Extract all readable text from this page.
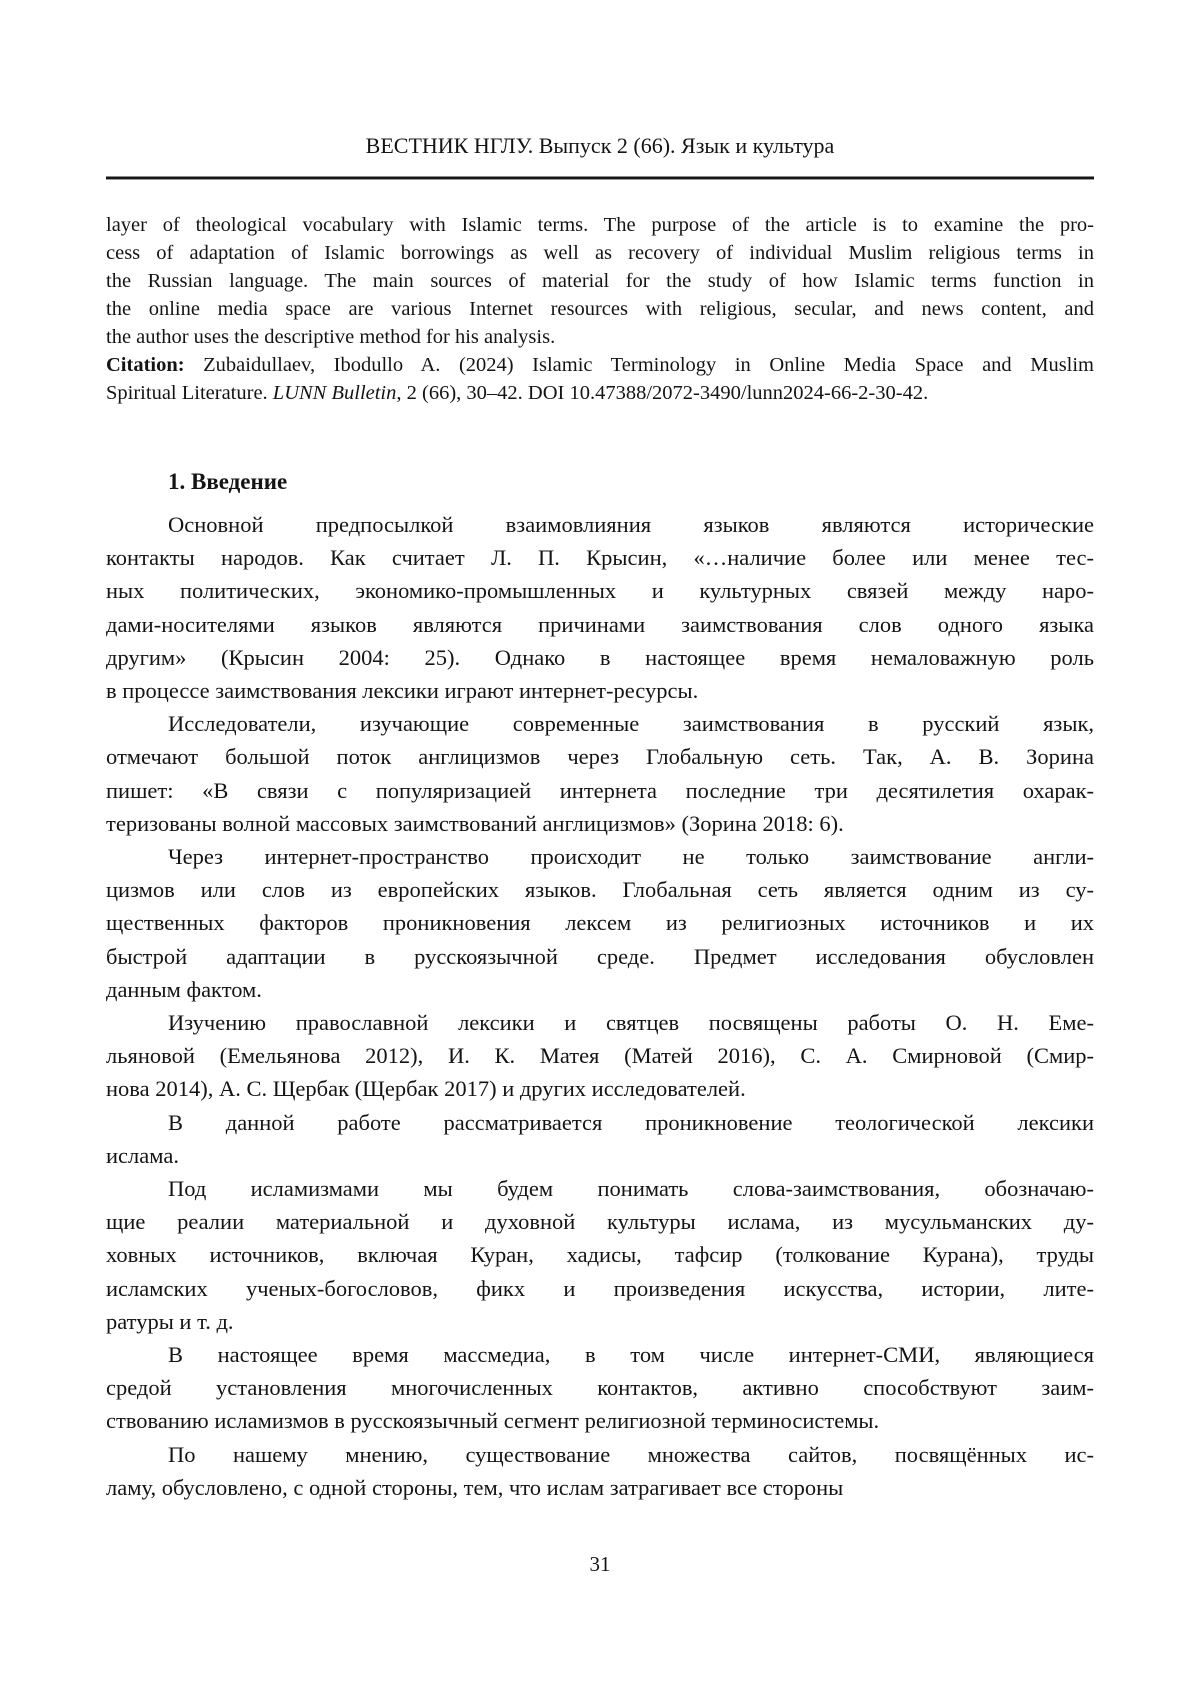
ВЕСТНИК НГЛУ. Выпуск 2 (66). Язык и культура
layer of theological vocabulary with Islamic terms. The purpose of the article is to examine the pro-
cess of adaptation of Islamic borrowings as well as recovery of individual Muslim religious terms in
the Russian language. The main sources of material for the study of how Islamic terms function in
the online media space are various Internet resources with religious, secular, and news content, and
the author uses the descriptive method for his analysis.
Citation: Zubaidullaev, Ibodullo A. (2024) Islamic Terminology in Online Media Space and Muslim
Spiritual Literature. LUNN Bulletin, 2 (66), 30–42. DOI 10.47388/2072-3490/lunn2024-66-2-30-42.
1. Введение
Основной предпосылкой взаимовлияния языков являются исторические
контакты народов. Как считает Л. П. Крысин, «…наличие более или менее тес-
ных политических, экономико-промышленных и культурных связей между наро-
дами-носителями языков являются причинами заимствования слов одного языка
другим» (Крысин 2004: 25). Однако в настоящее время немаловажную роль
в процессе заимствования лексики играют интернет-ресурсы.
Исследователи, изучающие современные заимствования в русский язык,
отмечают большой поток англицизмов через Глобальную сеть. Так, А. В. Зорина
пишет: «В связи с популяризацией интернета последние три десятилетия охарак-
теризованы волной массовых заимствований англицизмов» (Зорина 2018: 6).
Через интернет-пространство происходит не только заимствование англи-
цизмов или слов из европейских языков. Глобальная сеть является одним из су-
щественных факторов проникновения лексем из религиозных источников и их
быстрой адаптации в русскоязычной среде. Предмет исследования обусловлен
данным фактом.
Изучению православной лексики и святцев посвящены работы О. Н. Еме-
льяновой (Емельянова 2012), И. К. Матея (Матей 2016), С. А. Смирновой (Смир-
нова 2014), А. С. Щербак (Щербак 2017) и других исследователей.
В данной работе рассматривается проникновение теологической лексики
ислама.
Под исламизмами мы будем понимать слова-заимствования, обозначаю-
щие реалии материальной и духовной культуры ислама, из мусульманских ду-
ховных источников, включая Куран, хадисы, тафсир (толкование Курана), труды
исламских ученых-богословов, фикх и произведения искусства, истории, лите-
ратуры и т. д.
В настоящее время массмедиа, в том числе интернет-СМИ, являющиеся
средой установления многочисленных контактов, активно способствуют заим-
ствованию исламизмов в русскоязычный сегмент религиозной терминосистемы.
По нашему мнению, существование множества сайтов, посвящённых ис-
ламу, обусловлено, с одной стороны, тем, что ислам затрагивает все стороны
31
